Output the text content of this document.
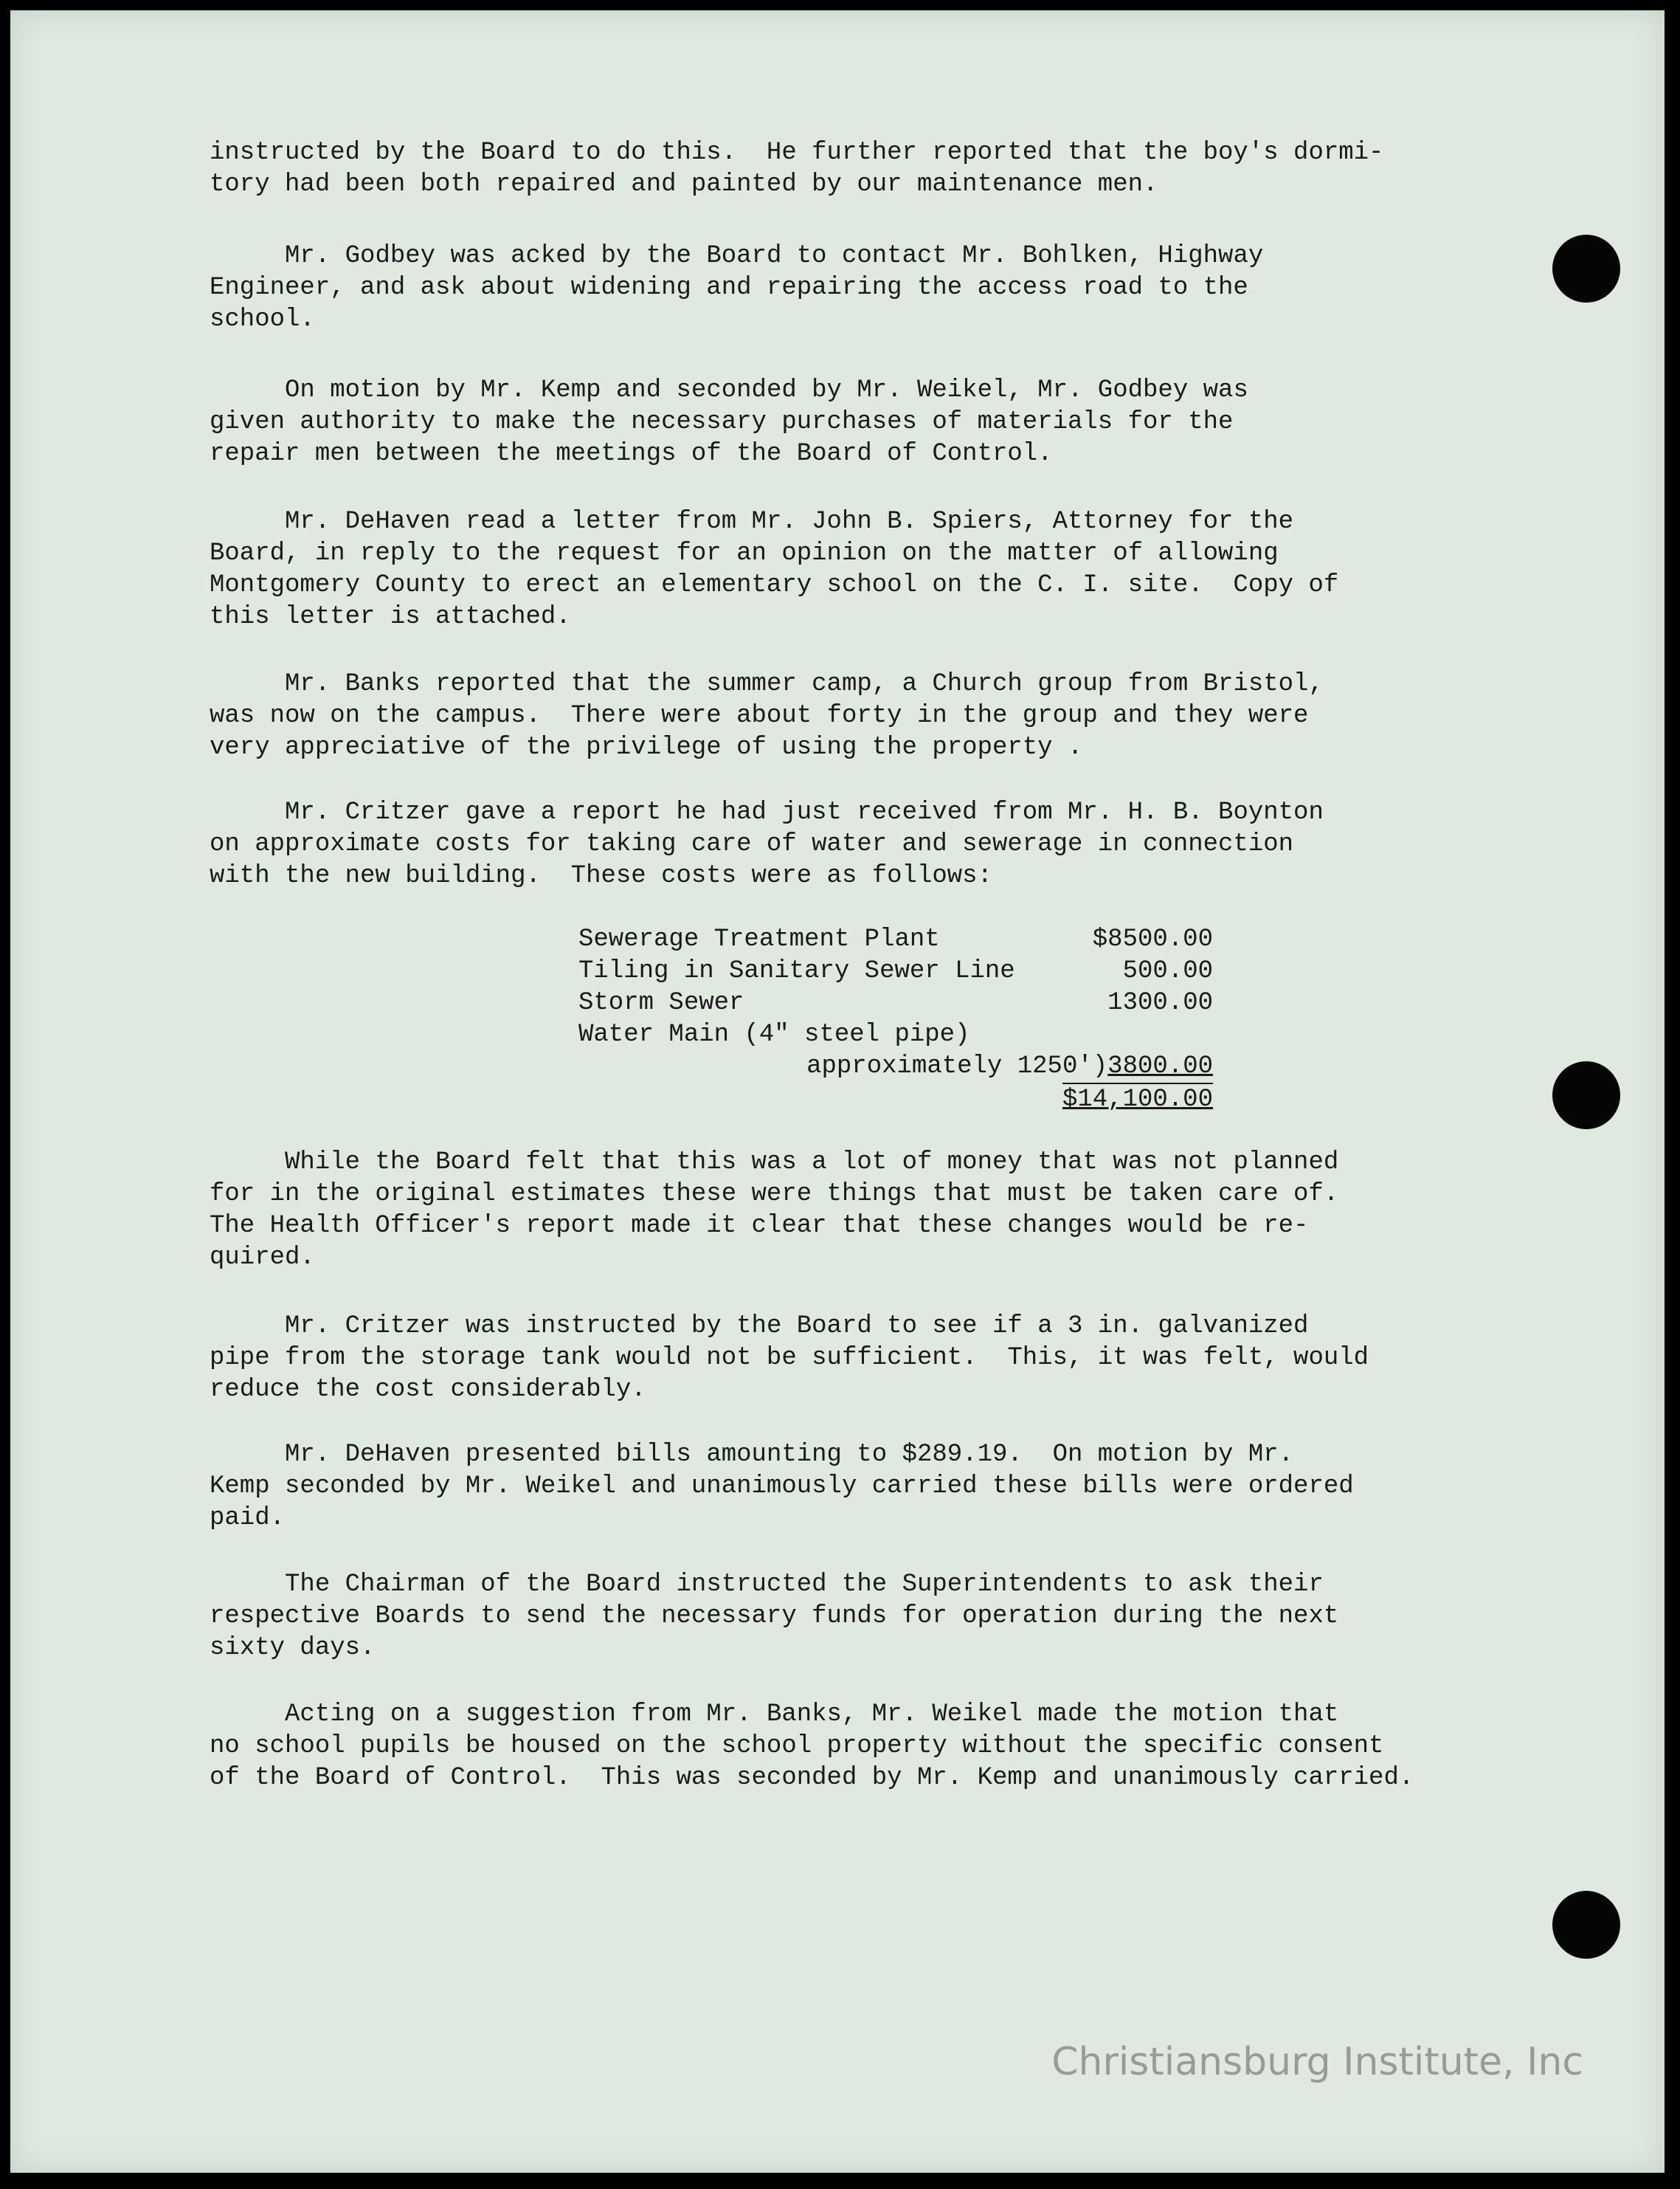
instructed by the Board to do this.  He further reported that the boy's dormi-
tory had been both repaired and painted by our maintenance men.
Mr. Godbey was acked by the Board to contact Mr. Bohlken, Highway
Engineer, and ask about widening and repairing the access road to the
school.
On motion by Mr. Kemp and seconded by Mr. Weikel, Mr. Godbey was
given authority to make the necessary purchases of materials for the
repair men between the meetings of the Board of Control.
Mr. DeHaven read a letter from Mr. John B. Spiers, Attorney for the
Board, in reply to the request for an opinion on the matter of allowing
Montgomery County to erect an elementary school on the C. I. site.  Copy of
this letter is attached.
Mr. Banks reported that the summer camp, a Church group from Bristol,
was now on the campus.  There were about forty in the group and they were
very appreciative of the privilege of using the property .
Mr. Critzer gave a report he had just received from Mr. H. B. Boynton
on approximate costs for taking care of water and sewerage in connection
with the new building.  These costs were as follows:
While the Board felt that this was a lot of money that was not planned
for in the original estimates these were things that must be taken care of.
The Health Officer's report made it clear that these changes would be re-
quired.
Mr. Critzer was instructed by the Board to see if a 3 in. galvanized
pipe from the storage tank would not be sufficient.  This, it was felt, would
reduce the cost considerably.
Mr. DeHaven presented bills amounting to $289.19.  On motion by Mr.
Kemp seconded by Mr. Weikel and unanimously carried these bills were ordered
paid.
The Chairman of the Board instructed the Superintendents to ask their
respective Boards to send the necessary funds for operation during the next
sixty days.
Acting on a suggestion from Mr. Banks, Mr. Weikel made the motion that
no school pupils be housed on the school property without the specific consent
of the Board of Control.  This was seconded by Mr. Kemp and unanimously carried.
Sewerage Treatment Plant	$8500.00
Tiling in Sanitary Sewer Line	500.00
Storm Sewer	1300.00
Water Main (4" steel pipe)
approximately 1250') 3800.00
$14,100.00
Christiansburg Institute, Inc
